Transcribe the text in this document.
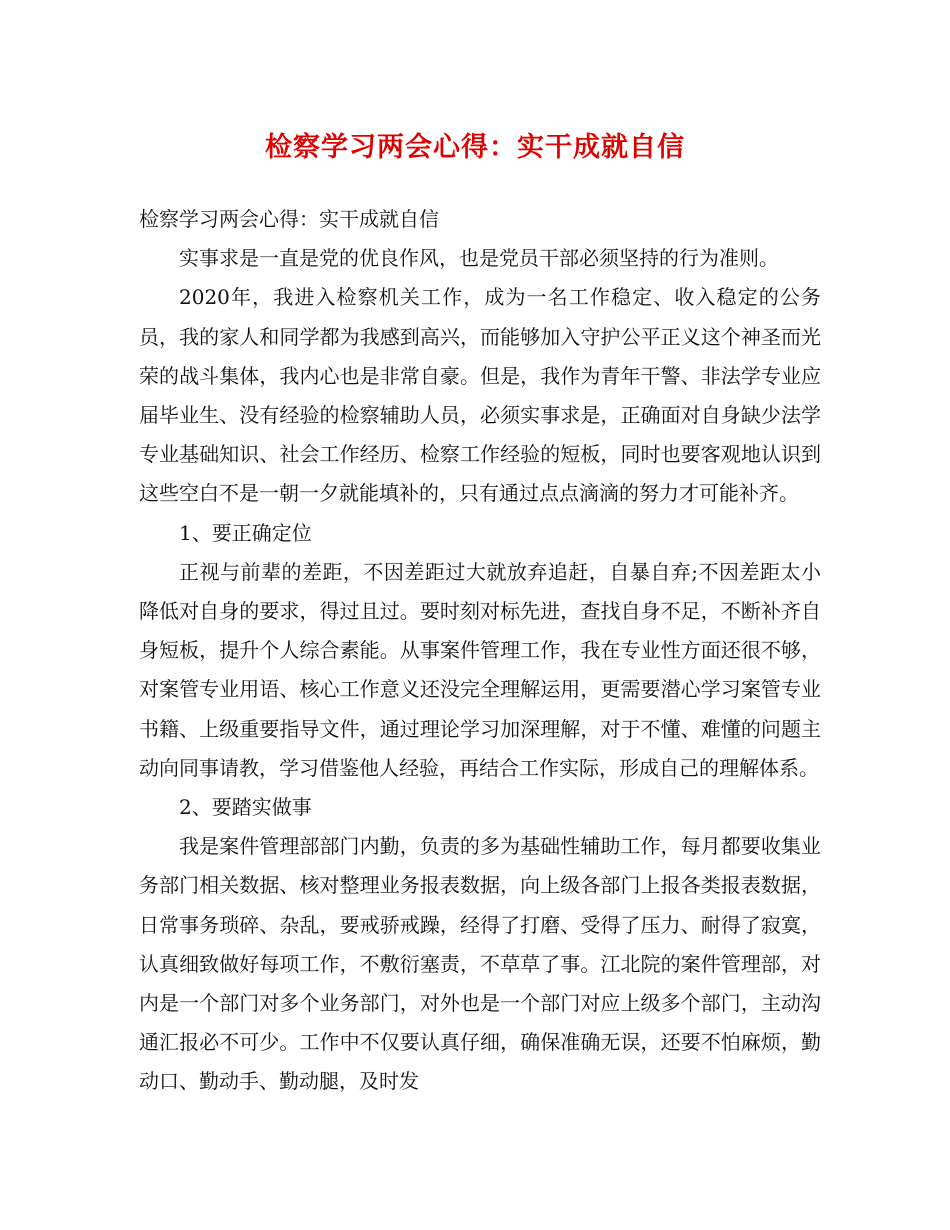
检察学习两会心得：实干成就自信

检察学习两会心得：实干成就自信

实事求是一直是党的优良作风，也是党员干部必须坚持的行为准则。

2020年，我进入检察机关工作，成为一名工作稳定、收入稳定的公务员，我的家人和同学都为我感到高兴，而能够加入守护公平正义这个神圣而光荣的战斗集体，我内心也是非常自豪。但是，我作为青年干警、非法学专业应届毕业生、没有经验的检察辅助人员，必须实事求是，正确面对自身缺少法学专业基础知识、社会工作经历、检察工作经验的短板，同时也要客观地认识到这些空白不是一朝一夕就能填补的，只有通过点点滴滴的努力才可能补齐。

1、要正确定位

正视与前辈的差距，不因差距过大就放弃追赶，自暴自弃;不因差距太小降低对自身的要求，得过且过。要时刻对标先进，查找自身不足，不断补齐自身短板，提升个人综合素能。从事案件管理工作，我在专业性方面还很不够，对案管专业用语、核心工作意义还没完全理解运用，更需要潜心学习案管专业书籍、上级重要指导文件，通过理论学习加深理解，对于不懂、难懂的问题主动向同事请教，学习借鉴他人经验，再结合工作实际，形成自己的理解体系。

2、要踏实做事

我是案件管理部部门内勤，负责的多为基础性辅助工作，每月都要收集业务部门相关数据、核对整理业务报表数据，向上级各部门上报各类报表数据，日常事务琐碎、杂乱，要戒骄戒躁，经得了打磨、受得了压力、耐得了寂寞，认真细致做好每项工作，不敷衍塞责，不草草了事。江北院的案件管理部，对内是一个部门对多个业务部门，对外也是一个部门对应上级多个部门，主动沟通汇报必不可少。工作中不仅要认真仔细，确保准确无误，还要不怕麻烦，勤动口、勤动手、勤动腿，及时发
